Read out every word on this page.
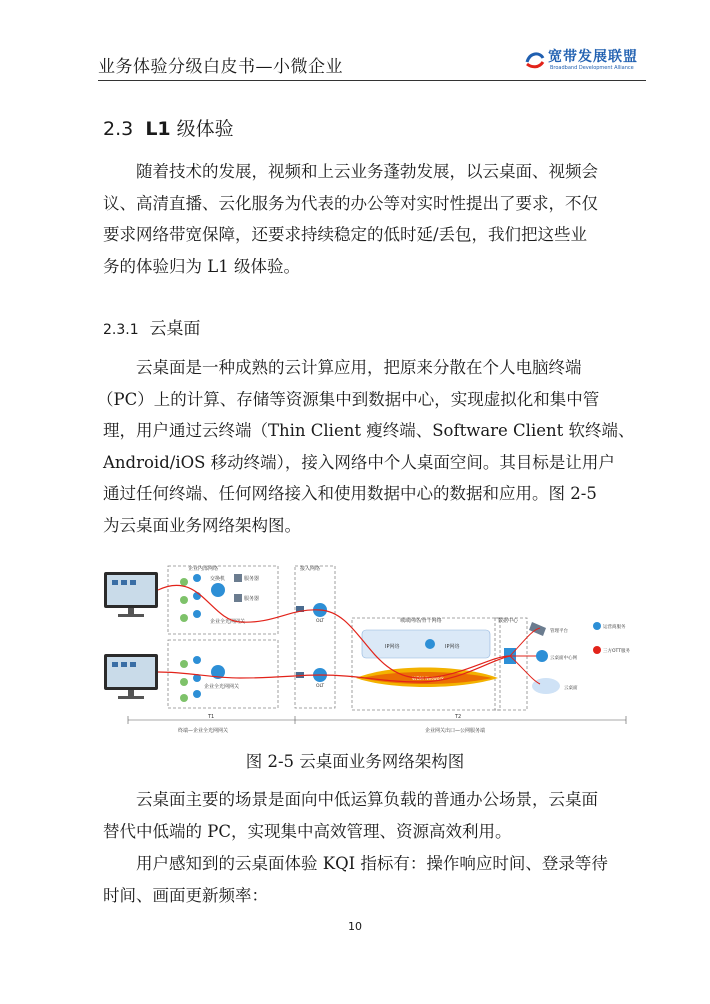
业务体验分级白皮书—小微企业	宽带发展联盟
Broadband Development Alliance
2.3 L1 级体验

随着技术的发展，视频和上云业务蓬勃发展，以云桌面、视频会
议、高清直播、云化服务为代表的办公等对实时性提出了要求，不仅
要求网络带宽保障，还要求持续稳定的低时延/丢包，我们把这些业
务的体验归为 L1 级体验。

2.3.1 云桌面

云桌面是一种成熟的云计算应用，把原来分散在个人电脑终端
（PC）上的计算、存储等资源集中到数据中心，实现虚拟化和集中管
理，用户通过云终端（Thin Client 瘦终端、Software Client 软终端、
Android/iOS 移动终端），接入网络中个人桌面空间。其目标是让用户
通过任何终端、任何网络接入和使用数据中心的数据和应用。图 2-5
为云桌面业务网络架构图。

企业内部网络	接入网络
城域网络/骨干网络	数据中心
交换机	服务器
服务器
企业全光网网关
企业全光网网关
OLT
OLT
IP网络	IP网络
WDM Network
管理平台
云桌面中心网
云桌面
运营商服务
三方OTT服务
T1	T2
终端—企业全光网网关	企业网关出口—公网服务端
图 2-5 云桌面业务网络架构图

云桌面主要的场景是面向中低运算负载的普通办公场景，云桌面
替代中低端的 PC，实现集中高效管理、资源高效利用。

用户感知到的云桌面体验 KQI 指标有：操作响应时间、登录等待
时间、画面更新频率：

10
